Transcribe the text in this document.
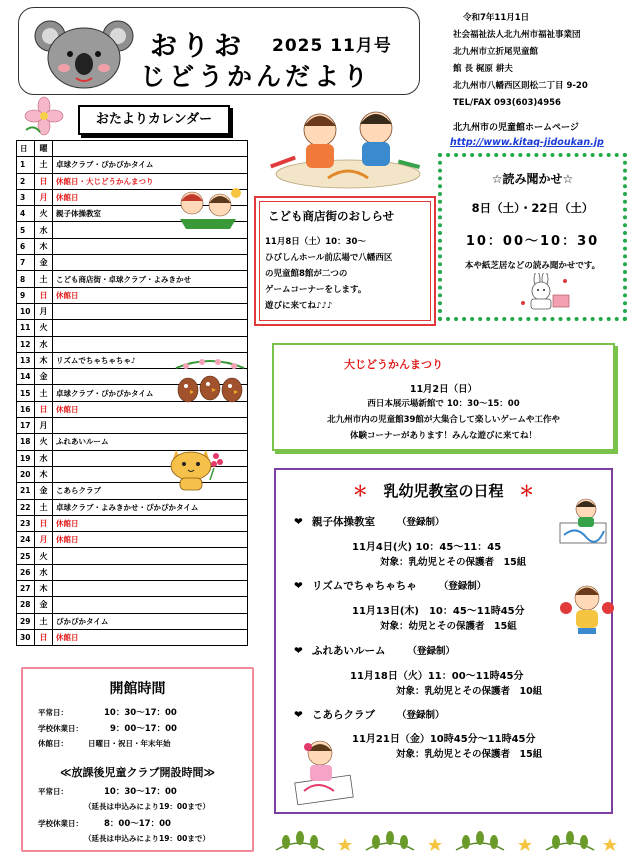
おりお 2025 11月号
じどうかんだより
令和7年11月1日
社会福祉法人北九州市福祉事業団
北九州市立折尾児童館
館 長 梶原 耕夫
北九州市八幡西区則松二丁目 9-20
TEL/FAX 093(603)4956
北九州市の児童館ホームページ
http://www.kitaq-jidoukan.jp
おたよりカレンダー
日	曜	
1	土	卓球クラブ・ぴかぴかタイム
2	日	休館日・大じどうかんまつり
3	月	休館日
4	火	親子体操教室
5	水	
6	木	
7	金	
8	土	こども商店街・卓球クラブ・よみきかせ
9	日	休館日
10	月	
11	火	
12	水	
13	木	リズムでちゃちゃちゃ♪
14	金	
15	土	卓球クラブ・ぴかぴかタイム
16	日	休館日
17	月	
18	火	ふれあいルーム
19	水	
20	木	
21	金	こあらクラブ
22	土	卓球クラブ・よみきかせ・ぴかぴかタイム
23	日	休館日
24	月	休館日
25	火	
26	水	
27	木	
28	金	
29	土	ぴかぴかタイム
30	日	休館日
開館時間
平常日：	10：30～17：00
学校休業日：	9：00～17：00
休館日：	日曜日・祝日・年末年始
≪放課後児童クラブ開設時間≫
平常日：	10：30～17：00
（延長は申込みにより19：00まで）
学校休業日： 8：00～17：00
（延長は申込みにより19：00まで）
こども商店街のおしらせ
11月8日（土）10：30～
ひびしんホール前広場で八幡西区
の児童館8館が二つの
ゲームコーナーをします。
遊びに来てね♪♪♪
☆読み聞かせ☆
8日（土）・22日（土）
10：00～10：30
本や紙芝居などの読み聞かせです。
大じどうかんまつり
11月2日（日）
西日本展示場新館で 10：30～15：00
北九州市内の児童館39館が大集合して楽しいゲームや工作や
体験コーナーがあります！みんな遊びに来てね！
＊ 乳幼児教室の日程 ＊
❤ 親子体操教室 （登録制）
11月4日(火) 10：45～11：45
対象：乳幼児とその保護者　15組
❤ リズムでちゃちゃちゃ （登録制）
11月13日(木)　10：45～11時45分
対象：幼児とその保護者　15組
❤ ふれあいルーム （登録制）
11月18日（火）11：00～11時45分
対象：乳幼児とその保護者　10組
❤ こあらクラブ （登録制）
11月21日（金）10時45分～11時45分
対象：乳幼児とその保護者　15組
